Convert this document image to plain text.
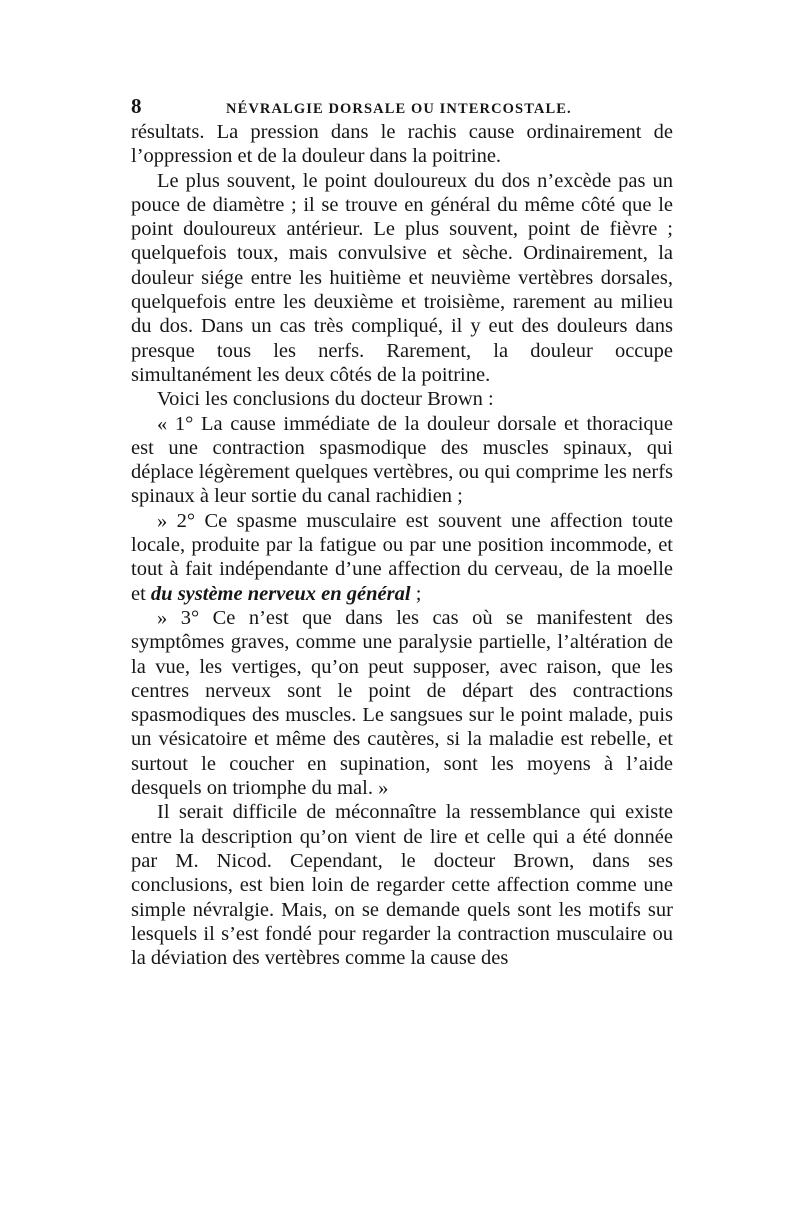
8	NÉVRALGIE DORSALE OU INTERCOSTALE.

résultats. La pression dans le rachis cause ordinairement de l’oppression et de la douleur dans la poitrine.

Le plus souvent, le point douloureux du dos n’excède pas un pouce de diamètre ; il se trouve en général du même côté que le point douloureux antérieur. Le plus souvent, point de fièvre ; quelquefois toux, mais convulsive et sèche. Ordinairement, la douleur siége entre les huitième et neuvième vertèbres dorsales, quelquefois entre les deuxième et troisième, rarement au milieu du dos. Dans un cas très compliqué, il y eut des douleurs dans presque tous les nerfs. Rarement, la douleur occupe simultanément les deux côtés de la poitrine.

Voici les conclusions du docteur Brown :

« 1° La cause immédiate de la douleur dorsale et thoracique est une contraction spasmodique des muscles spinaux, qui déplace légèrement quelques vertèbres, ou qui comprime les nerfs spinaux à leur sortie du canal rachidien ;

» 2° Ce spasme musculaire est souvent une affection toute locale, produite par la fatigue ou par une position incommode, et tout à fait indépendante d’une affection du cerveau, de la moelle et du système nerveux en général ;

» 3° Ce n’est que dans les cas où se manifestent des symptômes graves, comme une paralysie partielle, l’altération de la vue, les vertiges, qu’on peut supposer, avec raison, que les centres nerveux sont le point de départ des contractions spasmodiques des muscles. Le sangsues sur le point malade, puis un vésicatoire et même des cautères, si la maladie est rebelle, et surtout le coucher en supination, sont les moyens à l’aide desquels on triomphe du mal. »

Il serait difficile de méconnaître la ressemblance qui existe entre la description qu’on vient de lire et celle qui a été donnée par M. Nicod. Cependant, le docteur Brown, dans ses conclusions, est bien loin de regarder cette affection comme une simple névralgie. Mais, on se demande quels sont les motifs sur lesquels il s’est fondé pour regarder la contraction musculaire ou la déviation des vertèbres comme la cause des
